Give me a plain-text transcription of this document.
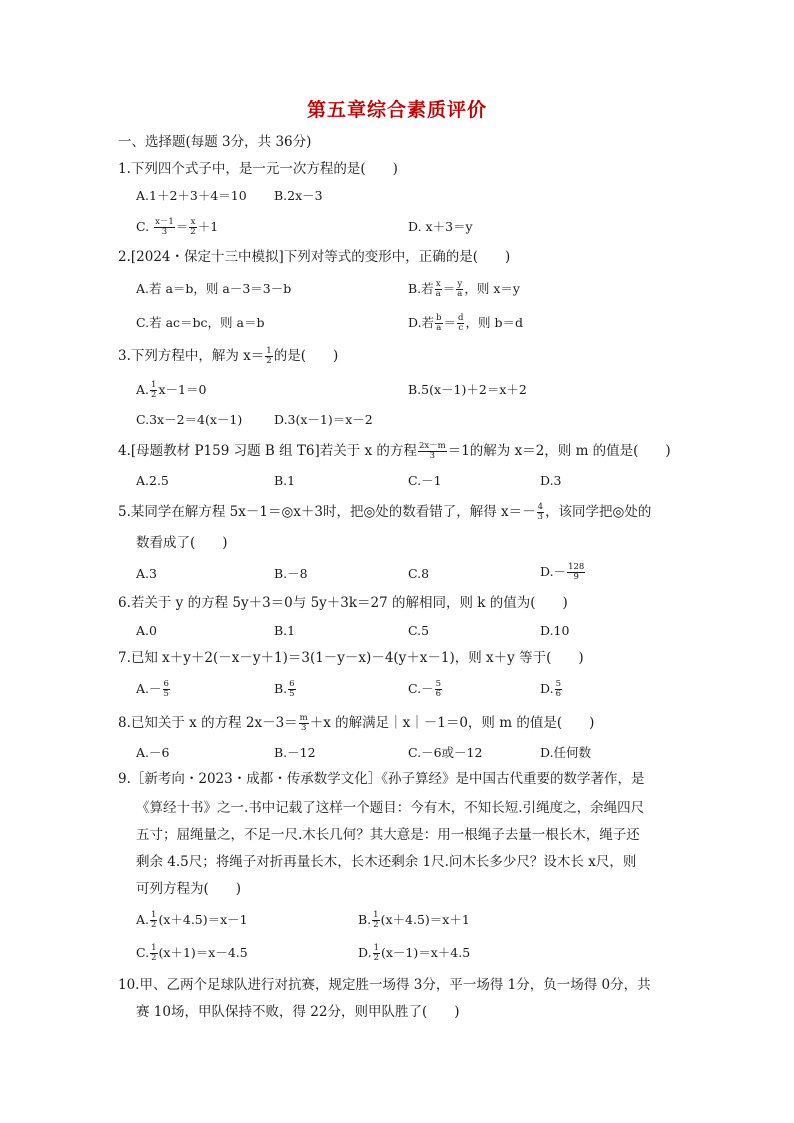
第五章综合素质评价
一、选择题(每题 3分，共 36分)
1.下列四个式子中，是一元一次方程的是(　　)
A.1＋2＋3＋4＝10 B.2x－3
C. $\frac{x-1}{3} = \frac{x}{2} +1$	D. x＋3＝y
2.[2024・保定十三中模拟]下列对等式的变形中，正确的是(　　)
A.若 a＝b，则 a－3＝3－b	B.若 $\frac{x}{a} = \frac{y}{a}$ ，则 x＝y
C.若 ac＝bc，则 a＝b	D.若 $\frac{b}{a} = \frac{d}{c}$ ，则 b＝d
3.下列方程中，解为 $x= \frac{1}{2}$ 的是(　　)
A. $\frac{1}{2} x-1=0$	B.5(x－1)＋2＝x＋2
C.3x－2＝4(x－1)	D.3(x－1)＝x－2
4.[母题教材 P159 习题 B 组 T6]若关于 x 的方程 $\frac{2x-m}{3} =1$的解为 x＝2，则 m 的值是(　　)
A.2.5	B.1	C.－1	D.3
5.某同学在解方程 5x－1＝◎x＋3时，把◎处的数看错了，解得 $x=- \frac{4}{3}$ ，该同学把◎处的
数看成了(　　)
A.3	B.－8	C.8	$D.- \frac{128}{9}$
6.若关于 y 的方程 5y＋3＝0与 5y＋3k＝27 的解相同，则 k 的值为(　　)
A.0	B.1	C.5	D.10
7.已知 x＋y＋2(－x－y＋1)＝3(1－y－x)－4(y＋x－1)，则 x＋y 等于(　　)
$A.- \frac{6}{5}$	B. $\frac{6}{5}$	$C.- \frac{5}{6}$	D. $\frac{5}{6}$
8.已知关于 x 的方程 $2x-3= \frac{m}{3} +x$ 的解满足｜x｜－1＝0，则 m 的值是(　　)
A.－6	B.－12	C.－6或－12	D.任何数
9.［新考向・2023・成都・传承数学文化］《孙子算经》是中国古代重要的数学著作，是
《算经十书》之一.书中记载了这样一个题目：今有木，不知长短.引绳度之，余绳四尺
五寸；屈绳量之，不足一尺.木长几何？其大意是：用一根绳子去量一根长木，绳子还
剩余 4.5尺；将绳子对折再量长木，长木还剩余 1尺.问木长多少尺？设木长 x尺，则
可列方程为(　　)
A. $\frac{1}{2} (x+4.5)=x-1$	B. $\frac{1}{2} (x+4.5)=x+1$
C. $\frac{1}{2} (x+1)=x-4.5$	D. $\frac{1}{2} (x-1)=x+4.5$
10.甲、乙两个足球队进行对抗赛，规定胜一场得 3分，平一场得 1分，负一场得 0分，共
赛 10场，甲队保持不败，得 22分，则甲队胜了(　　)
